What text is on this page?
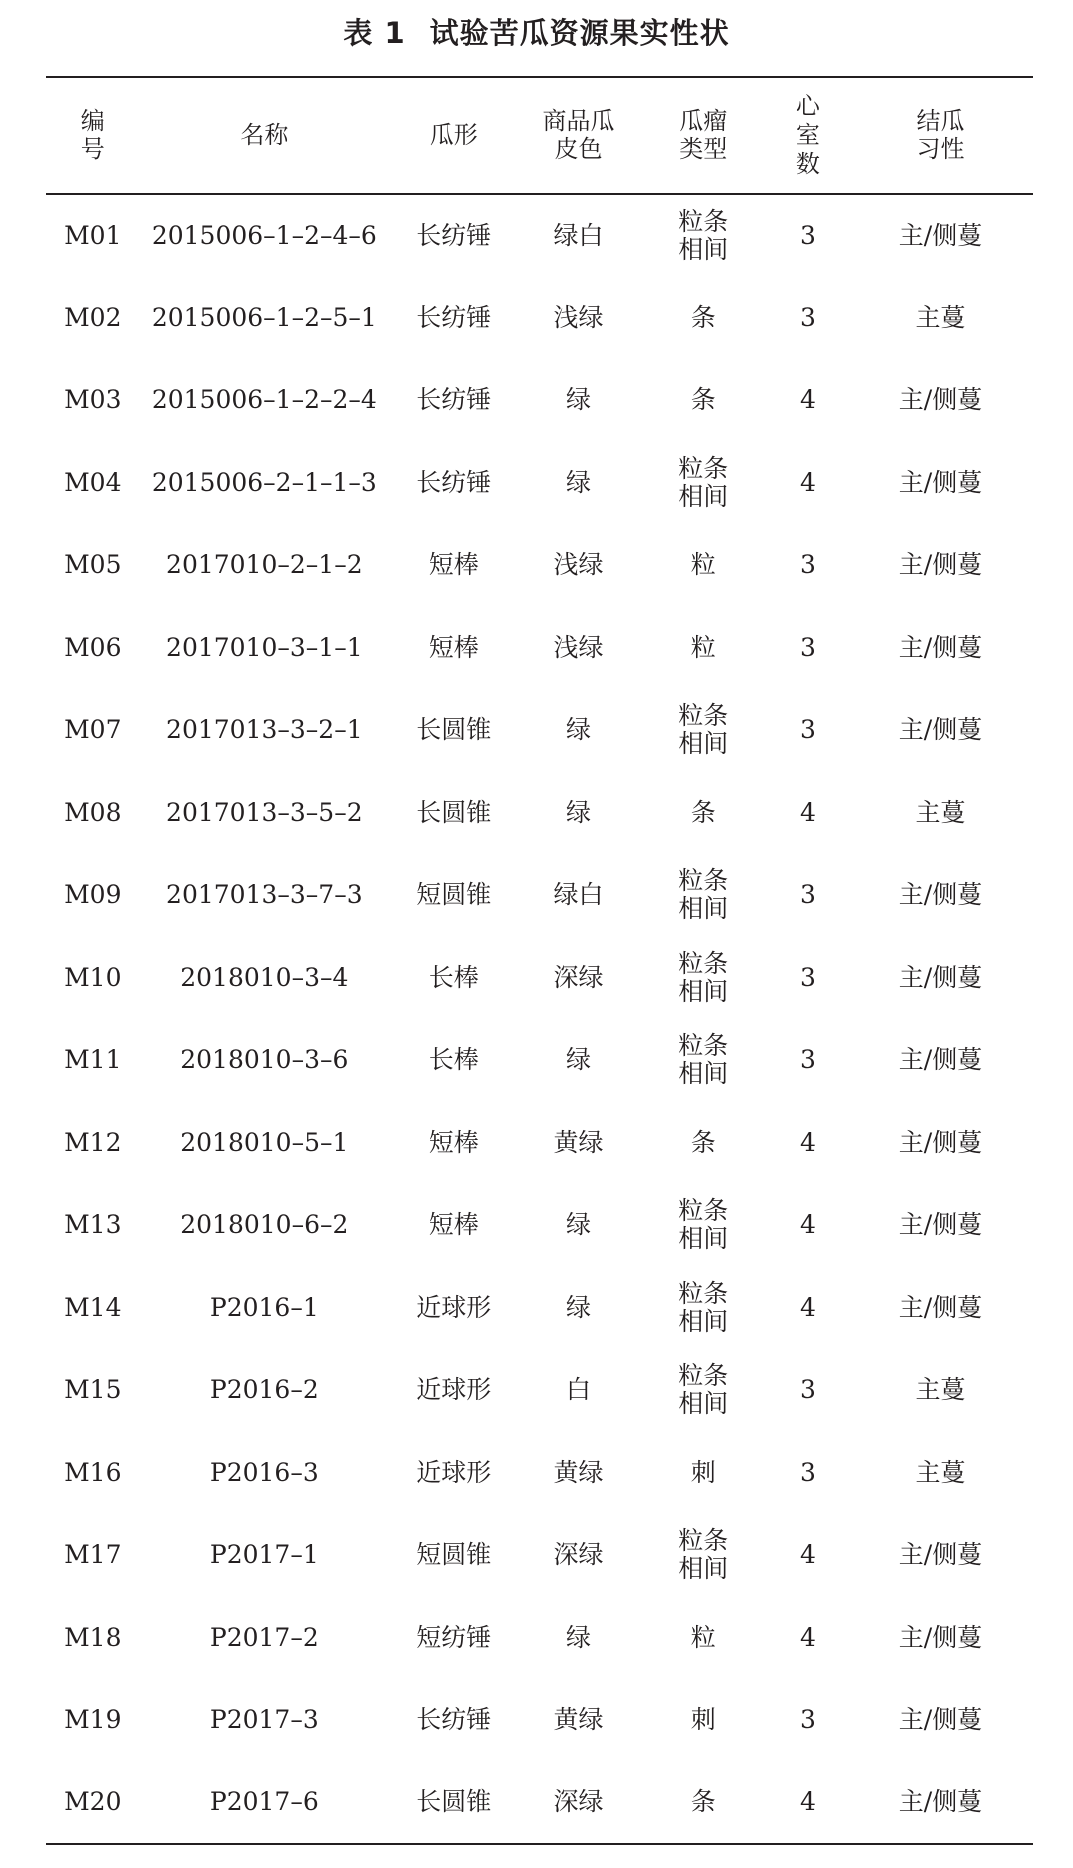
表 1 试验苦瓜资源果实性状
编号	名称	瓜形	商品瓜皮色	瓜瘤类型	心室数	结瓜习性
M01	2015006–1–2–4–6	长纺锤	绿白	粒条相间	3	主/侧蔓
M02	2015006–1–2–5–1	长纺锤	浅绿	条	3	主蔓
M03	2015006–1–2–2–4	长纺锤	绿	条	4	主/侧蔓
M04	2015006–2–1–1–3	长纺锤	绿	粒条相间	4	主/侧蔓
M05	2017010–2–1–2	短棒	浅绿	粒	3	主/侧蔓
M06	2017010–3–1–1	短棒	浅绿	粒	3	主/侧蔓
M07	2017013–3–2–1	长圆锥	绿	粒条相间	3	主/侧蔓
M08	2017013–3–5–2	长圆锥	绿	条	4	主蔓
M09	2017013–3–7–3	短圆锥	绿白	粒条相间	3	主/侧蔓
M10	2018010–3–4	长棒	深绿	粒条相间	3	主/侧蔓
M11	2018010–3–6	长棒	绿	粒条相间	3	主/侧蔓
M12	2018010–5–1	短棒	黄绿	条	4	主/侧蔓
M13	2018010–6–2	短棒	绿	粒条相间	4	主/侧蔓
M14	P2016–1	近球形	绿	粒条相间	4	主/侧蔓
M15	P2016–2	近球形	白	粒条相间	3	主蔓
M16	P2016–3	近球形	黄绿	刺	3	主蔓
M17	P2017–1	短圆锥	深绿	粒条相间	4	主/侧蔓
M18	P2017–2	短纺锤	绿	粒	4	主/侧蔓
M19	P2017–3	长纺锤	黄绿	刺	3	主/侧蔓
M20	P2017–6	长圆锥	深绿	条	4	主/侧蔓
